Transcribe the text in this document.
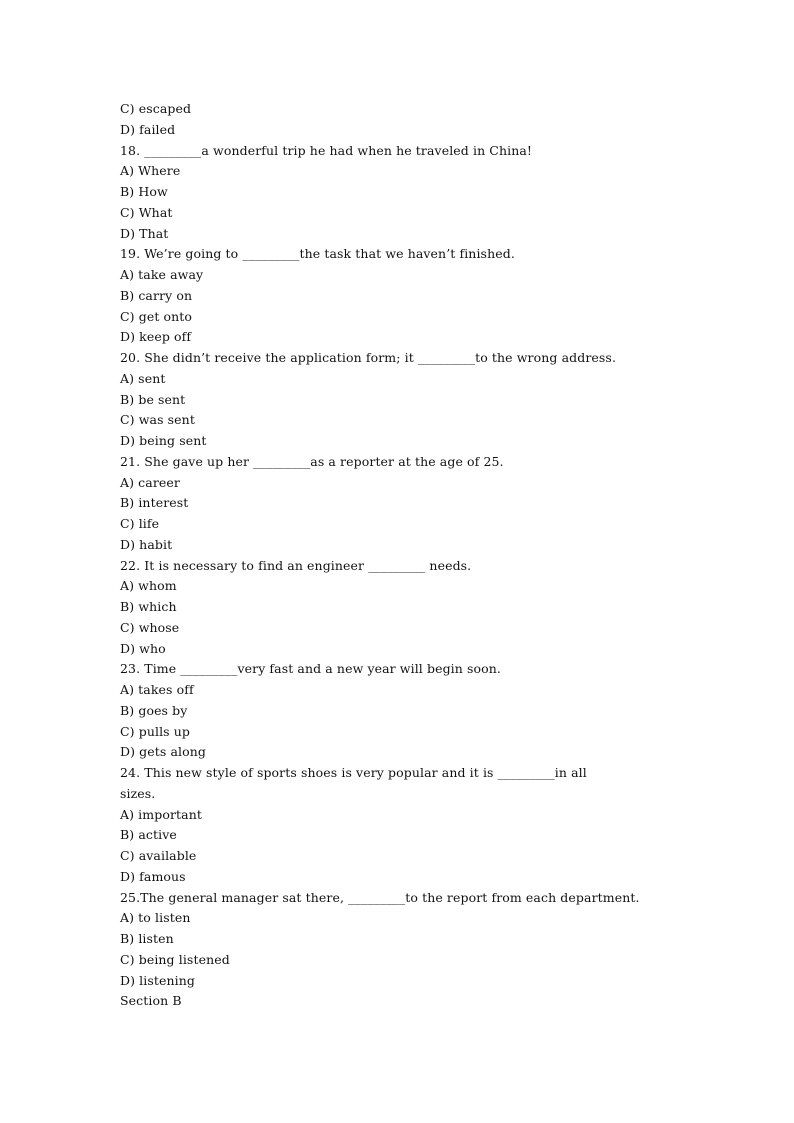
C) escaped
D) failed
18. _________a wonderful trip he had when he traveled in China!
A) Where
B) How
C) What
D) That
19. We’re going to _________the task that we haven’t finished.
A) take away
B) carry on
C) get onto
D) keep off
20. She didn’t receive the application form; it _________to the wrong address.
A) sent
B) be sent
C) was sent
D) being sent
21. She gave up her _________as a reporter at the age of 25.
A) career
B) interest
C) life
D) habit
22. It is necessary to find an engineer _________ needs.
A) whom
B) which
C) whose
D) who
23. Time _________very fast and a new year will begin soon.
A) takes off
B) goes by
C) pulls up
D) gets along
24. This new style of sports shoes is very popular and it is _________in all
sizes.
A) important
B) active
C) available
D) famous
25.The general manager sat there, _________to the report from each department.
A) to listen
B) listen
C) being listened
D) listening
Section B
